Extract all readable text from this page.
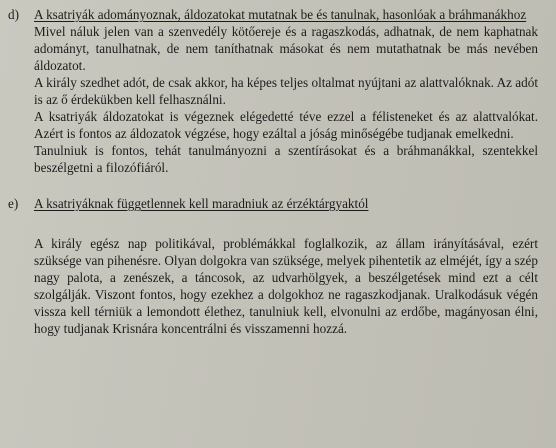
d)	A ksatriyák adományoznak, áldozatokat mutatnak be és tanulnak, hasonlóak a bráhmanákhoz

Mivel náluk jelen van a szenvedély kötőereje és a ragaszkodás, adhatnak, de nem kaphatnak adományt, tanulhatnak, de nem taníthatnak másokat és nem mutathatnak be más nevében áldozatot.

A király szedhet adót, de csak akkor, ha képes teljes oltalmat nyújtani az alattvalóknak. Az adót is az ő érdekükben kell felhasználni.

A ksatriyák áldozatokat is végeznek elégedetté téve ezzel a félisteneket és az alattvalókat. Azért is fontos az áldozatok végzése, hogy ezáltal a jóság minőségébe tudjanak emelkedni.

Tanulniuk is fontos, tehát tanulmányozni a szentírásokat és a bráhmanákkal, szentekkel beszélgetni a filozófiáról.

e)	A ksatriyáknak függetlennek kell maradniuk az érzéktárgyaktól

A király egész nap politikával, problémákkal foglalkozik, az állam irányításával, ezért szüksége van pihenésre. Olyan dolgokra van szüksége, melyek pihentetik az elméjét, így a szép nagy palota, a zenészek, a táncosok, az udvarhölgyek, a beszélgetések mind ezt a célt szolgálják. Viszont fontos, hogy ezekhez a dolgokhoz ne ragaszkodjanak. Uralkodásuk végén vissza kell térniük a lemondott élethez, tanulniuk kell, elvonulni az erdőbe, magányosan élni, hogy tudjanak Krisnára koncentrálni és visszamenni hozzá.
